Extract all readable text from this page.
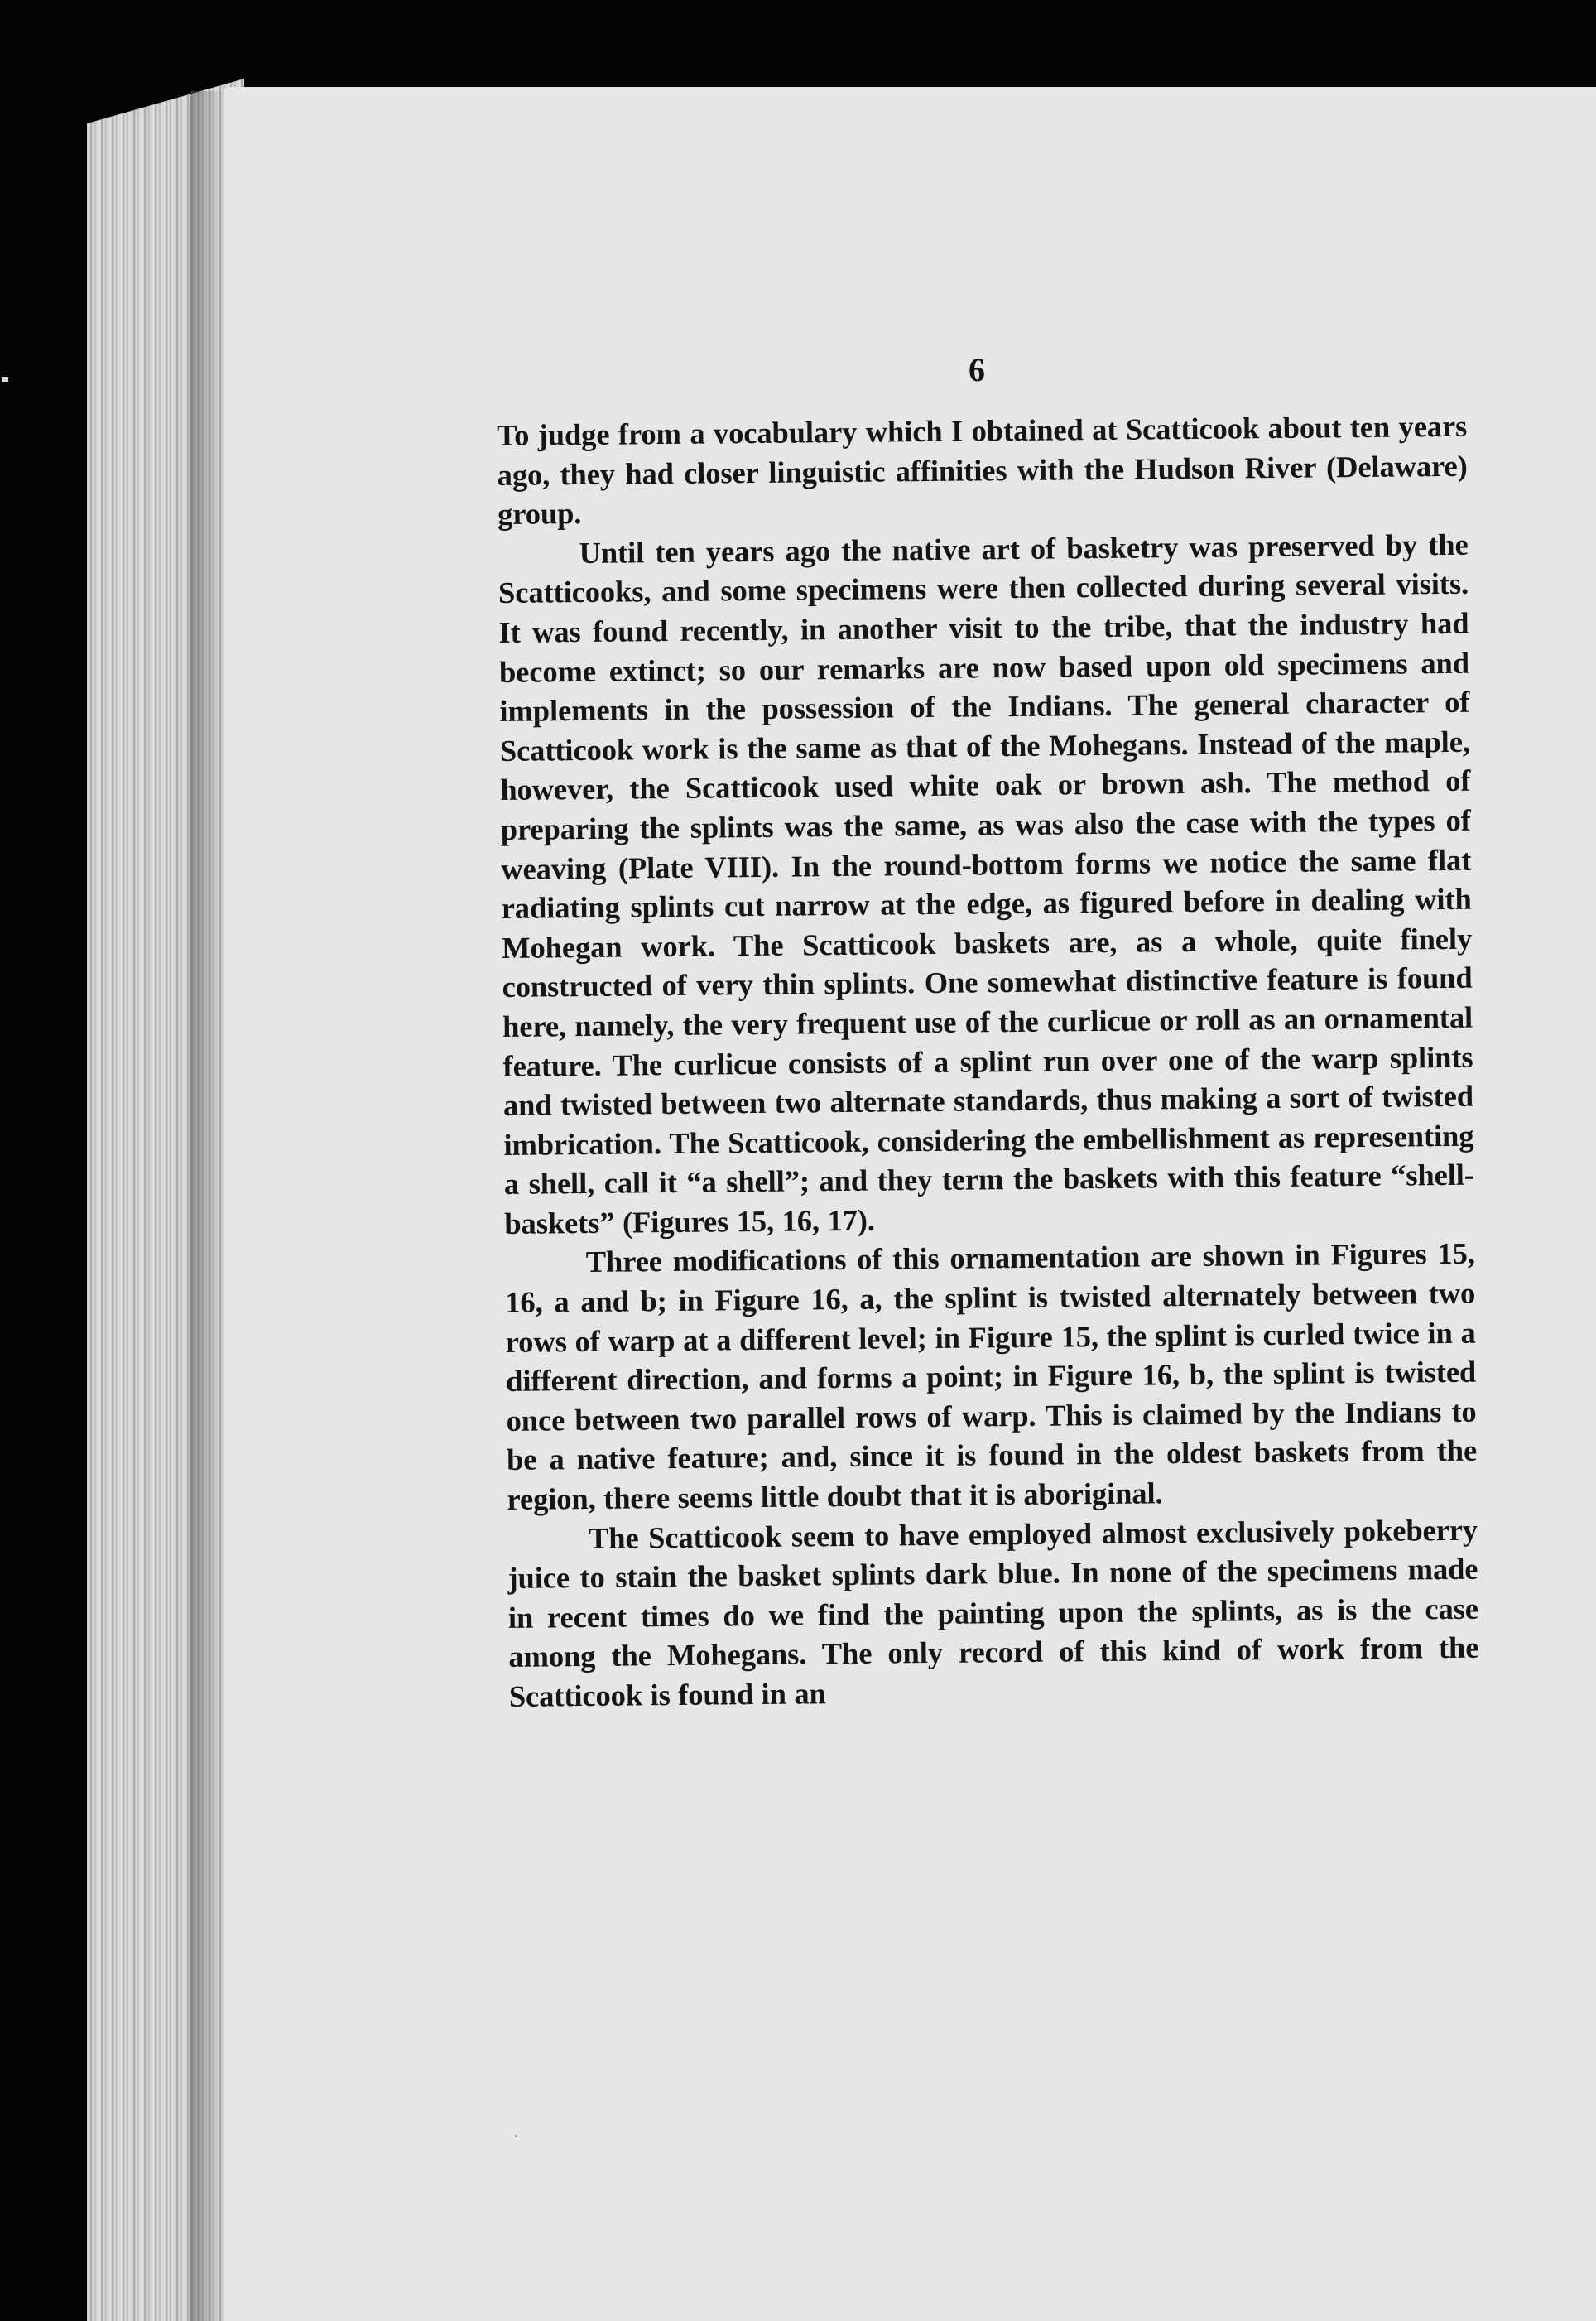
6

To judge from a vocabulary which I obtained at Scatticook about ten years ago, they had closer linguistic affinities with the Hudson River (Delaware) group.

Until ten years ago the native art of basketry was preserved by the Scatticooks, and some specimens were then collected during several visits. It was found recently, in another visit to the tribe, that the industry had become extinct; so our remarks are now based upon old specimens and implements in the possession of the Indians. The general character of Scatticook work is the same as that of the Mohegans. Instead of the maple, however, the Scatticook used white oak or brown ash. The method of preparing the splints was the same, as was also the case with the types of weaving (Plate VIII). In the round-bottom forms we notice the same flat radiating splints cut narrow at the edge, as figured before in dealing with Mohegan work. The Scatticook baskets are, as a whole, quite finely constructed of very thin splints. One somewhat distinctive feature is found here, namely, the very frequent use of the curlicue or roll as an ornamental feature. The curlicue consists of a splint run over one of the warp splints and twisted between two alternate standards, thus making a sort of twisted imbrication. The Scatticook, considering the embellishment as representing a shell, call it “a shell”; and they term the baskets with this feature “shell-baskets” (Figures 15, 16, 17).

Three modifications of this ornamentation are shown in Figures 15, 16, a and b; in Figure 16, a, the splint is twisted alternately between two rows of warp at a different level; in Figure 15, the splint is curled twice in a different direction, and forms a point; in Figure 16, b, the splint is twisted once between two parallel rows of warp. This is claimed by the Indians to be a native feature; and, since it is found in the oldest baskets from the region, there seems little doubt that it is aboriginal.

The Scatticook seem to have employed almost exclusively pokeberry juice to stain the basket splints dark blue. In none of the specimens made in recent times do we find the painting upon the splints, as is the case among the Mohegans. The only record of this kind of work from the Scatticook is found in an
